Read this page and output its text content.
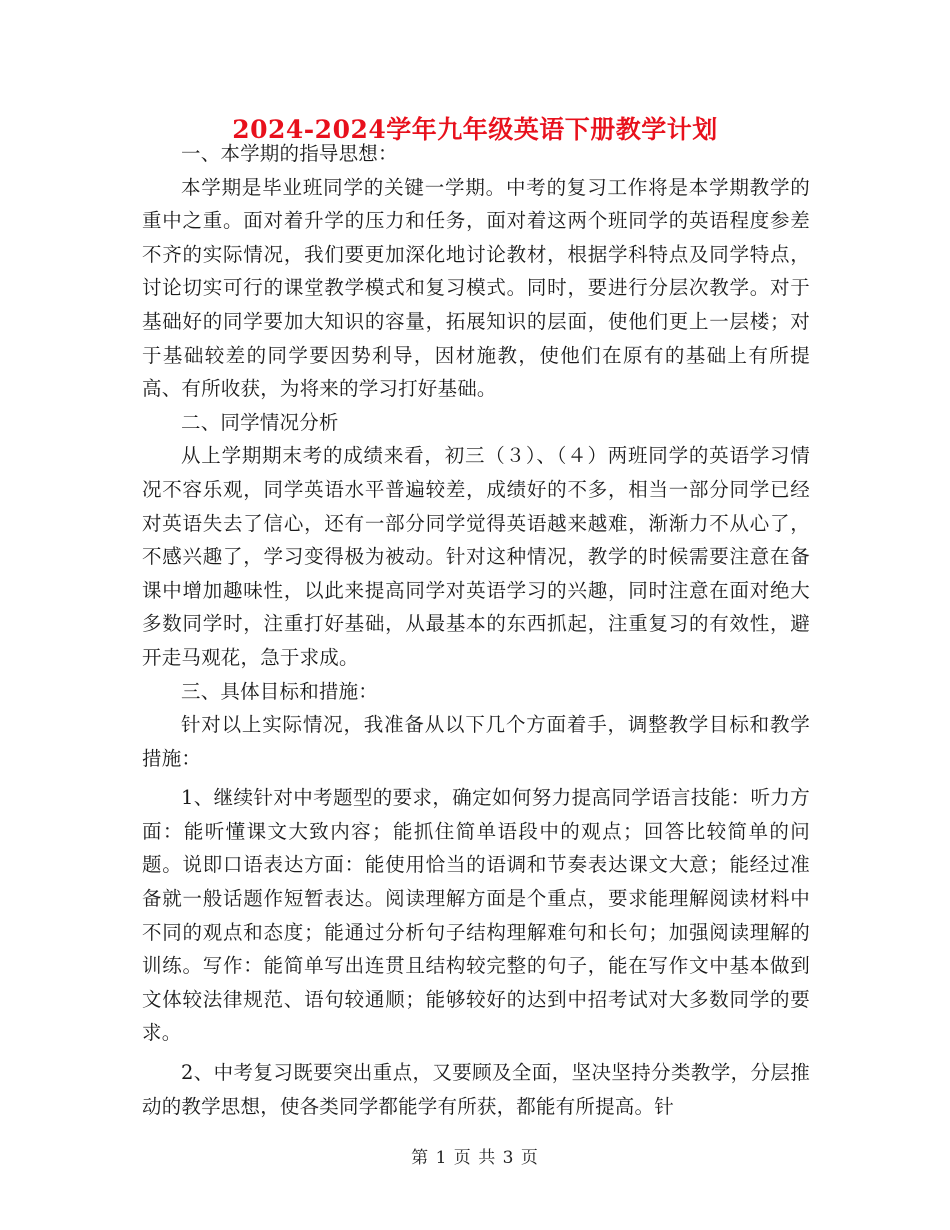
2024-2024学年九年级英语下册教学计划

一、本学期的指导思想：

本学期是毕业班同学的关键一学期。中考的复习工作将是本学期教学的重中之重。面对着升学的压力和任务，面对着这两个班同学的英语程度参差不齐的实际情况，我们要更加深化地讨论教材，根据学科特点及同学特点，讨论切实可行的课堂教学模式和复习模式。同时，要进行分层次教学。对于基础好的同学要加大知识的容量，拓展知识的层面，使他们更上一层楼；对于基础较差的同学要因势利导，因材施教，使他们在原有的基础上有所提高、有所收获，为将来的学习打好基础。

二、同学情况分析

从上学期期末考的成绩来看，初三（３）、（４）两班同学的英语学习情况不容乐观，同学英语水平普遍较差，成绩好的不多，相当一部分同学已经对英语失去了信心，还有一部分同学觉得英语越来越难，渐渐力不从心了，不感兴趣了，学习变得极为被动。针对这种情况，教学的时候需要注意在备课中增加趣味性，以此来提高同学对英语学习的兴趣，同时注意在面对绝大多数同学时，注重打好基础，从最基本的东西抓起，注重复习的有效性，避开走马观花，急于求成。

三、具体目标和措施：

针对以上实际情况，我准备从以下几个方面着手，调整教学目标和教学措施：

1、继续针对中考题型的要求，确定如何努力提高同学语言技能：听力方面：能听懂课文大致内容；能抓住简单语段中的观点；回答比较简单的问题。说即口语表达方面：能使用恰当的语调和节奏表达课文大意；能经过准备就一般话题作短暂表达。阅读理解方面是个重点，要求能理解阅读材料中不同的观点和态度；能通过分析句子结构理解难句和长句；加强阅读理解的训练。写作：能简单写出连贯且结构较完整的句子，能在写作文中基本做到文体较法律规范、语句较通顺；能够较好的达到中招考试对大多数同学的要求。

2、中考复习既要突出重点，又要顾及全面，坚决坚持分类教学，分层推动的教学思想，使各类同学都能学有所获，都能有所提高。针

第 1 页 共 3 页
